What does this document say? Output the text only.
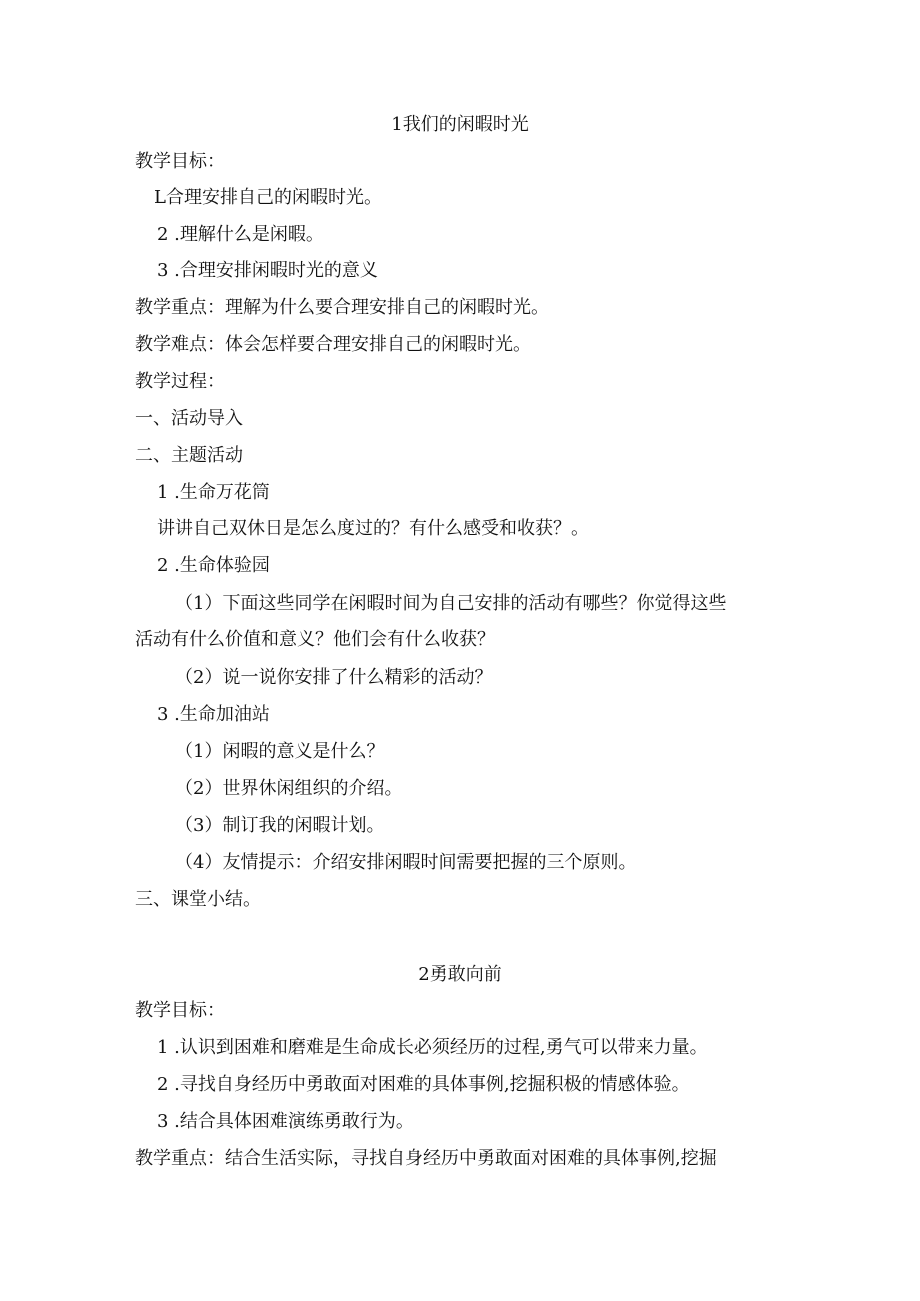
1我们的闲暇时光
教学目标：
L合理安排自己的闲暇时光。
2 .理解什么是闲暇。
3 .合理安排闲暇时光的意义
教学重点：理解为什么要合理安排自己的闲暇时光。
教学难点：体会怎样要合理安排自己的闲暇时光。
教学过程：
一、活动导入
二、主题活动
1 .生命万花筒
讲讲自己双休日是怎么度过的？有什么感受和收获？。
2 .生命体验园
（1）下面这些同学在闲暇时间为自己安排的活动有哪些？你觉得这些
活动有什么价值和意义？他们会有什么收获？
（2）说一说你安排了什么精彩的活动？
3 .生命加油站
（1）闲暇的意义是什么？
（2）世界休闲组织的介绍。
（3）制订我的闲暇计划。
（4）友情提示：介绍安排闲暇时间需要把握的三个原则。
三、课堂小结。
2勇敢向前
教学目标：
1 .认识到困难和磨难是生命成长必须经历的过程,勇气可以带来力量。
2 .寻找自身经历中勇敢面对困难的具体事例,挖掘积极的情感体验。
3 .结合具体困难演练勇敢行为。
教学重点：结合生活实际，寻找自身经历中勇敢面对困难的具体事例,挖掘
